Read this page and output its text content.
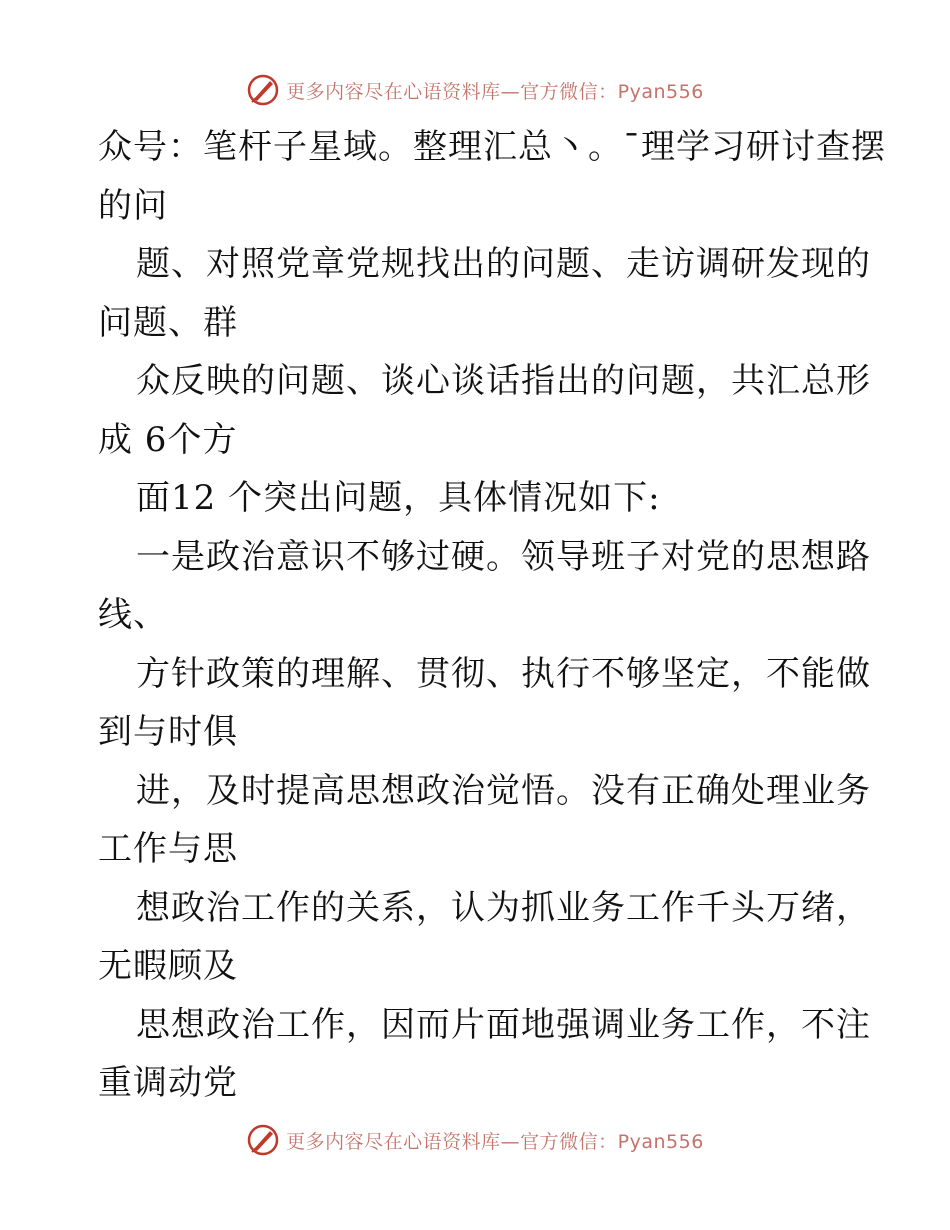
更多内容尽在心语资料库—官方微信：Pyan556
众号：笔杆子星域。整理汇总丶。¯理学习研讨查摆
的问
题、对照党章党规找出的问题、走访调研发现的
问题、群
众反映的问题、谈心谈话指出的问题，共汇总形
成 6个方
面12 个突出问题，具体情况如下:
一是政治意识不够过硬。领导班子对党的思想路
线、
方针政策的理解、贯彻、执行不够坚定，不能做
到与时俱
进，及时提高思想政治觉悟。没有正确处理业务
工作与思
想政治工作的关系，认为抓业务工作千头万绪，
无暇顾及
思想政治工作，因而片面地强调业务工作，不注
重调动党
更多内容尽在心语资料库—官方微信：Pyan556
